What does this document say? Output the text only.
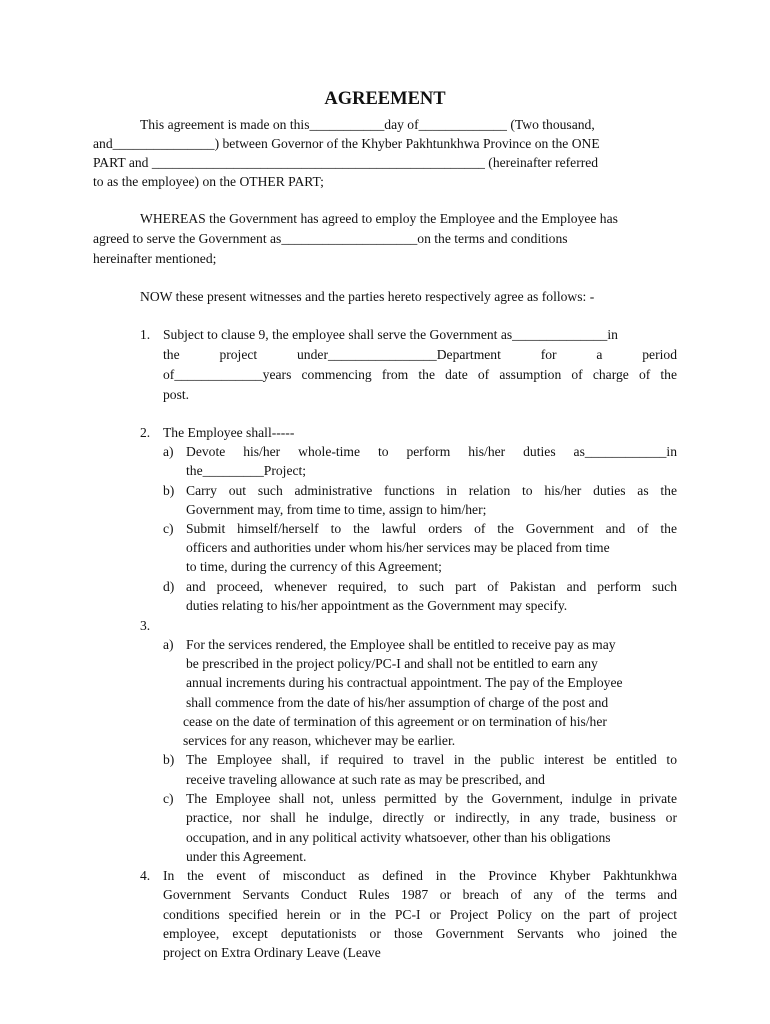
AGREEMENT

This agreement is made on this___________day of_____________ (Two thousand,

and_______________) between Governor of the Khyber Pakhtunkhwa Province on the ONE

PART and _________________________________________________ (hereinafter referred

to as the employee) on the OTHER PART;

WHEREAS the Government has agreed to employ the Employee and the Employee has

agreed to serve the Government as____________________on the terms and conditions

hereinafter mentioned;

NOW these present witnesses and the parties hereto respectively agree as follows: -

1. Subject to clause 9, the employee shall serve the Government as______________in

the project under________________Department for a period

of_____________years commencing from the date of assumption of charge of the

post.

2. The Employee shall-----

a) Devote his/her whole-time to perform his/her duties as____________in

the_________Project;

b) Carry out such administrative functions in relation to his/her duties as the

Government may, from time to time, assign to him/her;

c) Submit himself/herself to the lawful orders of the Government and of the

officers and authorities under whom his/her services may be placed from time

to time, during the currency of this Agreement;

d) and proceed, whenever required, to such part of Pakistan and perform such

duties relating to his/her appointment as the Government may specify.

3.

a) For the services rendered, the Employee shall be entitled to receive pay as may

be prescribed in the project policy/PC-I and shall not be entitled to earn any

annual increments during his contractual appointment. The pay of the Employee

shall commence from the date of his/her assumption of charge of the post and

cease on the date of termination of this agreement or on termination of his/her

services for any reason, whichever may be earlier.

b) The Employee shall, if required to travel in the public interest be entitled to

receive traveling allowance at such rate as may be prescribed, and

c) The Employee shall not, unless permitted by the Government, indulge in private

practice, nor shall he indulge, directly or indirectly, in any trade, business or

occupation, and in any political activity whatsoever, other than his obligations

under this Agreement.

4. In the event of misconduct as defined in the Province Khyber Pakhtunkhwa

Government Servants Conduct Rules 1987 or breach of any of the terms and

conditions specified herein or in the PC-I or Project Policy on the part of project

employee, except deputationists or those Government Servants who joined the

project on Extra Ordinary Leave (Leave
